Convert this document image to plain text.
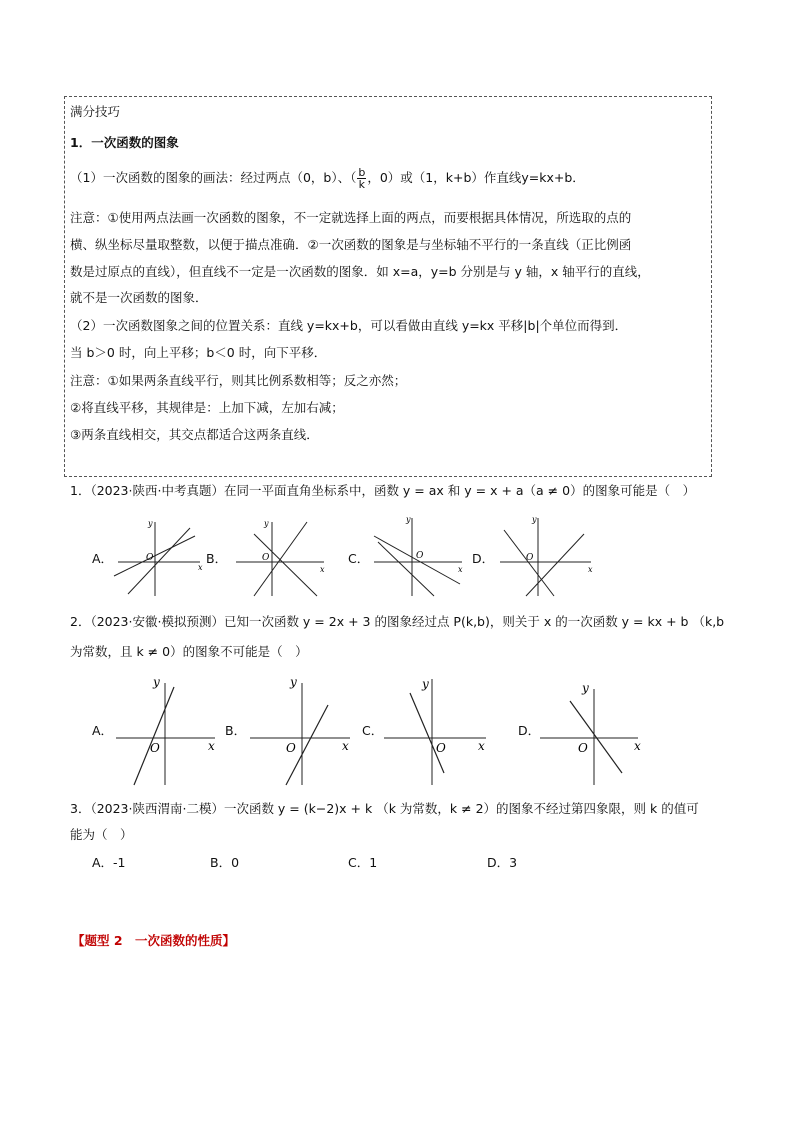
满分技巧
1．一次函数的图象
（1）一次函数的图象的画法：经过两点（0，b）、（ $\frac{b}{k}$ ，0）或（1，k+b）作直线y=kx+b．
注意：①使用两点法画一次函数的图象，不一定就选择上面的两点，而要根据具体情况，所选取的点的
横、纵坐标尽量取整数，以便于描点准确．②一次函数的图象是与坐标轴不平行的一条直线（正比例函
数是过原点的直线），但直线不一定是一次函数的图象．如 x=a，y=b 分别是与 y 轴，x 轴平行的直线，
就不是一次函数的图象．
（2）一次函数图象之间的位置关系：直线 y=kx+b，可以看做由直线 y=kx 平移|b|个单位而得到．
当 b＞0 时，向上平移；b＜0 时，向下平移．
注意：①如果两条直线平行，则其比例系数相等；反之亦然；
②将直线平移，其规律是：上加下减，左加右减；
③两条直线相交，其交点都适合这两条直线．
1．（2023·陕西·中考真题）在同一平面直角坐标系中，函数 y = ax 和 y = x + a（a ≠ 0）的图象可能是（　）
A．
y
x
O	B．
y
x
O	C．
y
x
O	D．
y
x
O
2．（2023·安徽·模拟预测）已知一次函数 y = 2x + 3 的图象经过点 P(k,b)，则关于 x 的一次函数 y = kx + b （k,b
为常数，且 k ≠ 0）的图象不可能是（　）
A．
y
x
O
B．
y
x
O
C．
y
x
O
D．
y
x
O
3．（2023·陕西渭南·二模）一次函数 y = (k−2)x + k （k 为常数，k ≠ 2）的图象不经过第四象限，则 k 的值可
能为（　）
A．-1	B．0	C．1	D．3
【题型 2　一次函数的性质】
